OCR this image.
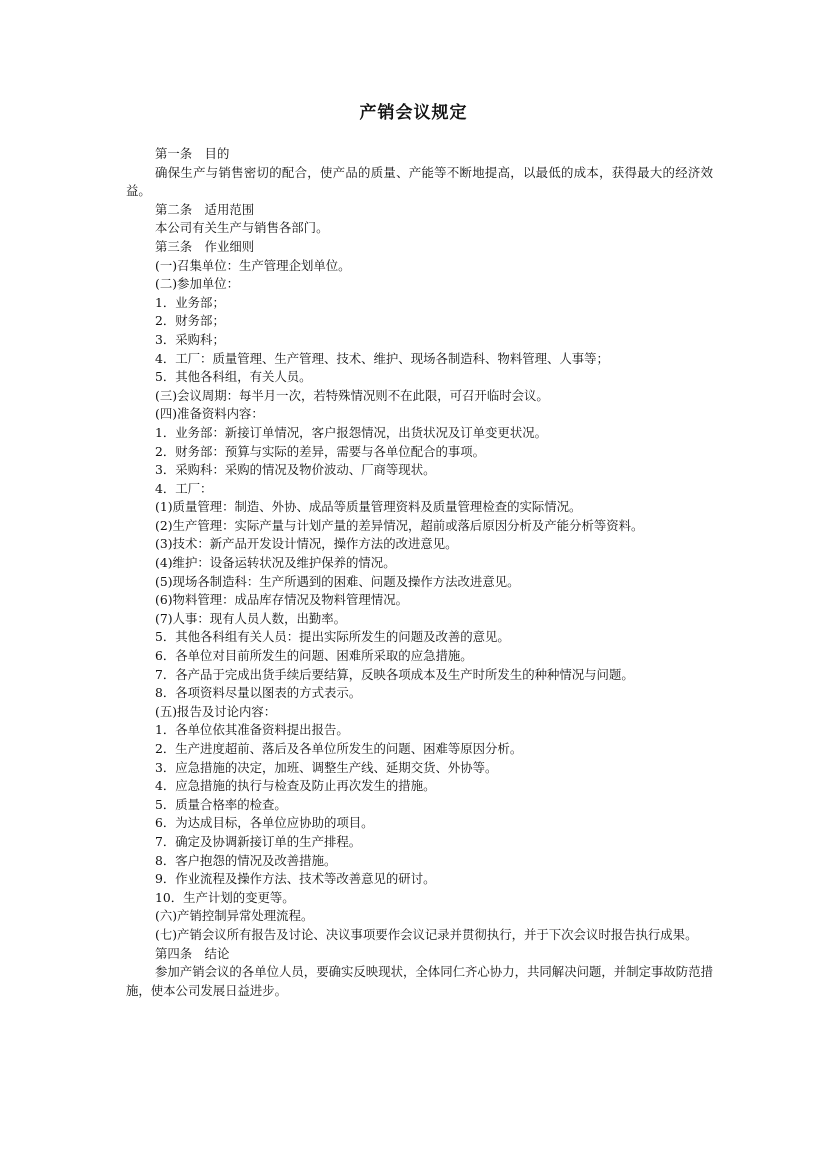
产销会议规定
第一条　目的
确保生产与销售密切的配合，使产品的质量、产能等不断地提高，以最低的成本，获得最大的经济效益。
第二条　适用范围
本公司有关生产与销售各部门。
第三条　作业细则
(一)召集单位：生产管理企划单位。
(二)参加单位：
1．业务部；
2．财务部；
3．采购科；
4．工厂：质量管理、生产管理、技术、维护、现场各制造科、物料管理、人事等；
5．其他各科组，有关人员。
(三)会议周期：每半月一次，若特殊情况则不在此限，可召开临时会议。
(四)准备资料内容：
1．业务部：新接订单情况，客户报怨情况，出货状况及订单变更状况。
2．财务部：预算与实际的差异，需要与各单位配合的事项。
3．采购科：采购的情况及物价波动、厂商等现状。
4．工厂：
(1)质量管理：制造、外协、成品等质量管理资料及质量管理检查的实际情况。
(2)生产管理：实际产量与计划产量的差异情况，超前或落后原因分析及产能分析等资料。
(3)技术：新产品开发设计情况，操作方法的改进意见。
(4)维护：设备运转状况及维护保养的情况。
(5)现场各制造科：生产所遇到的困难、问题及操作方法改进意见。
(6)物料管理：成品库存情况及物料管理情况。
(7)人事：现有人员人数，出勤率。
5．其他各科组有关人员：提出实际所发生的问题及改善的意见。
6．各单位对目前所发生的问题、困难所采取的应急措施。
7．各产品于完成出货手续后要结算，反映各项成本及生产时所发生的种种情况与问题。
8．各项资料尽量以图表的方式表示。
(五)报告及讨论内容：
1．各单位依其准备资料提出报告。
2．生产进度超前、落后及各单位所发生的问题、困难等原因分析。
3．应急措施的决定，加班、调整生产线、延期交货、外协等。
4．应急措施的执行与检查及防止再次发生的措施。
5．质量合格率的检查。
6．为达成目标，各单位应协助的项目。
7．确定及协调新接订单的生产排程。
8．客户抱怨的情况及改善措施。
9．作业流程及操作方法、技术等改善意见的研讨。
10．生产计划的变更等。
(六)产销控制异常处理流程。
(七)产销会议所有报告及讨论、决议事项要作会议记录并贯彻执行，并于下次会议时报告执行成果。
第四条　结论
参加产销会议的各单位人员，要确实反映现状，全体同仁齐心协力，共同解决问题，并制定事故防范措施，使本公司发展日益进步。
